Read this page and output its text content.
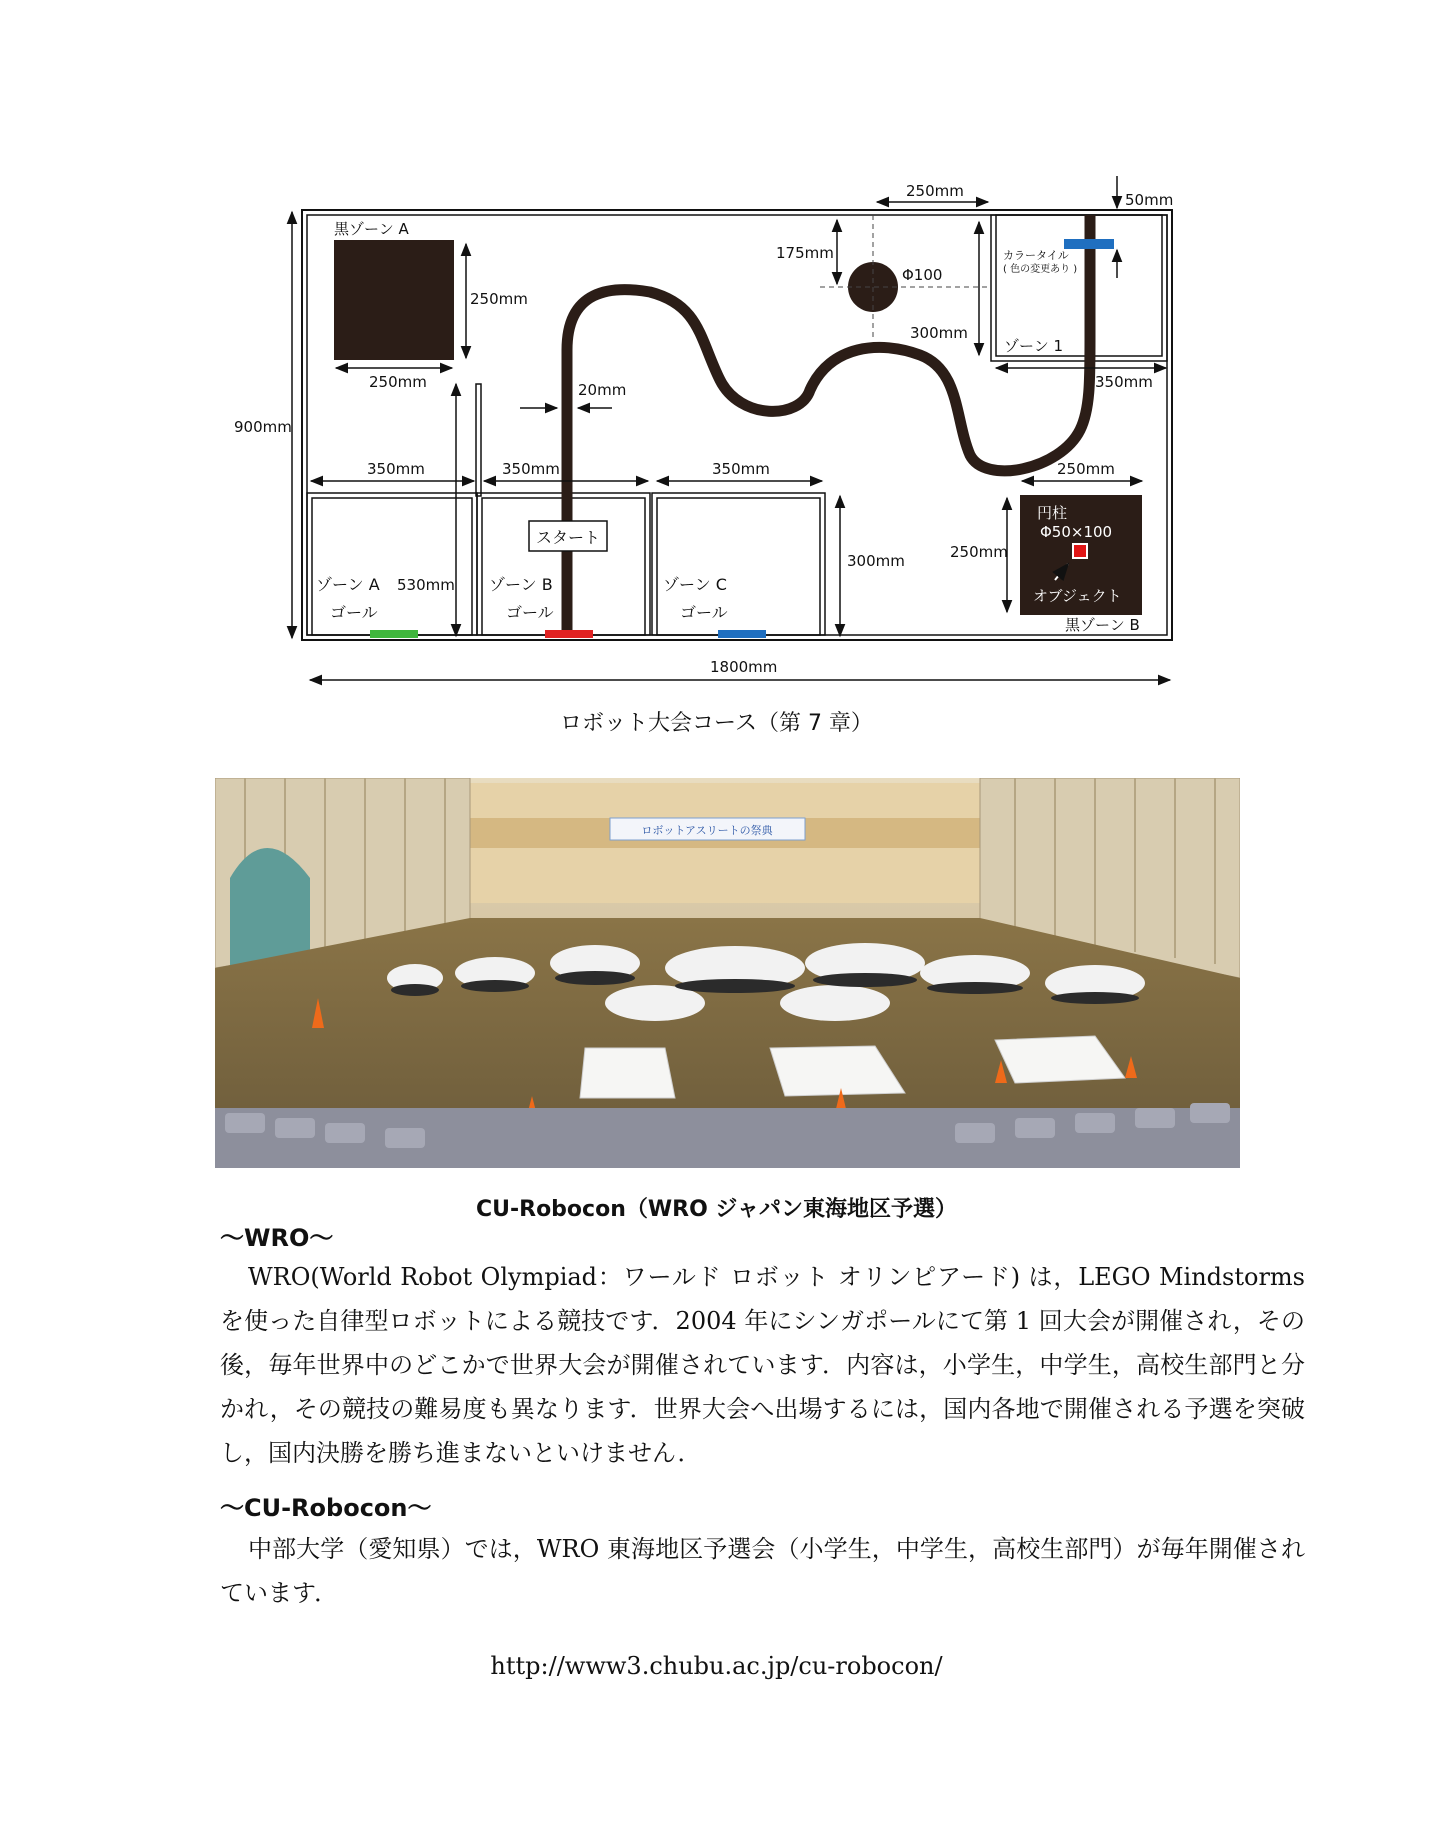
黒ゾーン A
黒ゾーン B
円柱
Φ50×100
オブジェクト
Φ100
カラータイル
( 色の変更あり )
ゾーン 1
ゾーン A
ゴール
ゾーン B
ゴール
ゾーン C
ゴール
スタート
250mm	50mm
175mm
300mm
250mm
250mm	20mm	350mm
900mm
350mm	350mm	350mm	250mm
300mm	250mm
530mm
1800mm
ロボット大会コース（第 7 章）
ロボットアスリートの祭典
CU-Robocon（WRO ジャパン東海地区予選）
〜WRO〜
WRO(World Robot Olympiad：ワールド ロボット オリンピアード) は，LEGO Mindstorms を使った自律型ロボットによる競技です．2004 年にシンガポールにて第 1 回大会が開催され，その後，毎年世界中のどこかで世界大会が開催されています．内容は，小学生，中学生，高校生部門と分かれ，その競技の難易度も異なります．世界大会へ出場するには，国内各地で開催される予選を突破し，国内決勝を勝ち進まないといけません．
〜CU-Robocon〜
中部大学（愛知県）では，WRO 東海地区予選会（小学生，中学生，高校生部門）が毎年開催されています．
http://www3.chubu.ac.jp/cu-robocon/
